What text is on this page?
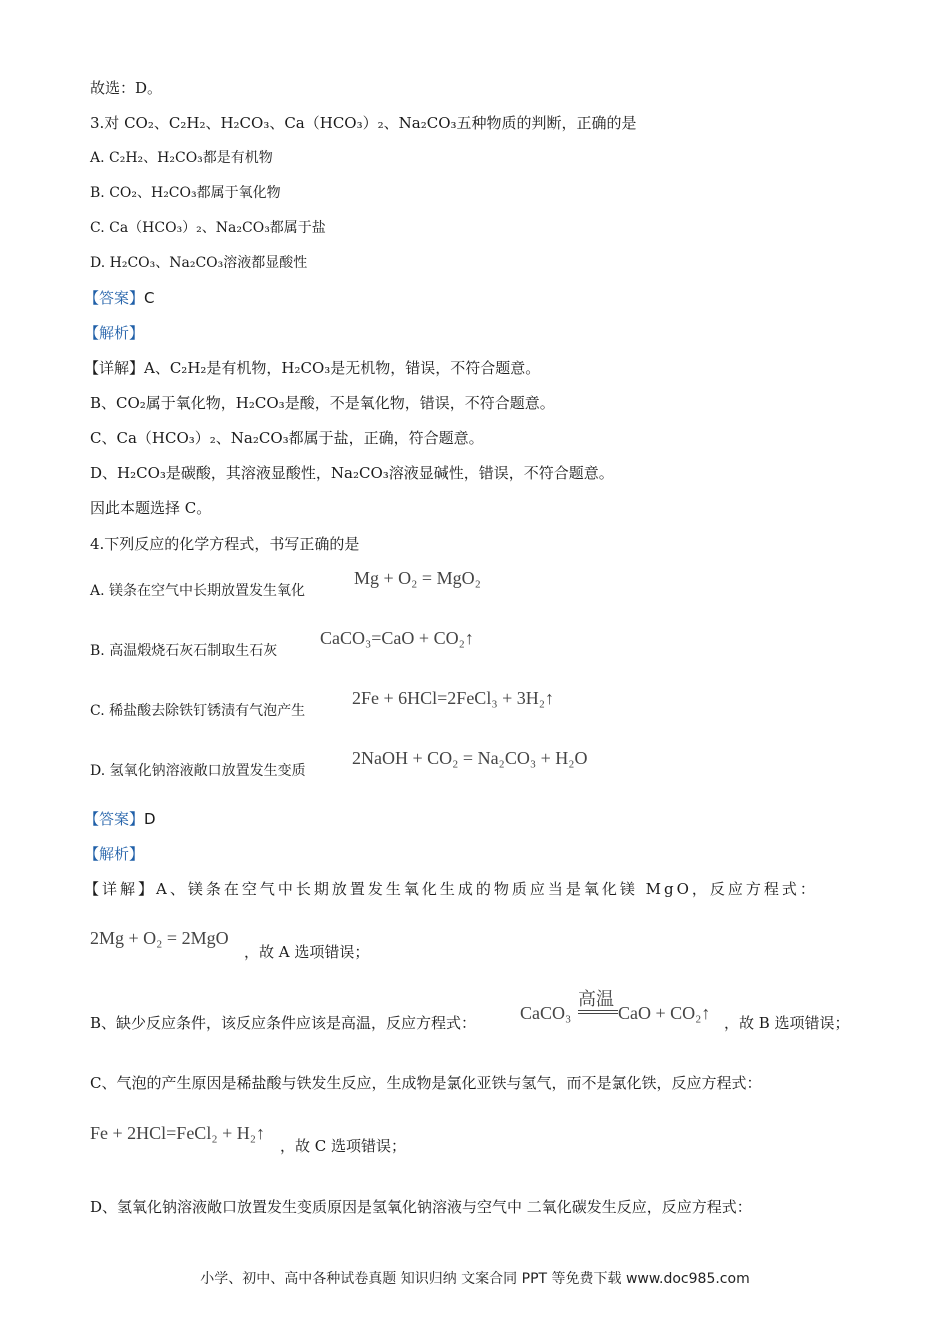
故选：D。
3.对 CO₂、C₂H₂、H₂CO₃、Ca（HCO₃）₂、Na₂CO₃五种物质的判断，正确的是
A. C₂H₂、H₂CO₃都是有机物
B. CO₂、H₂CO₃都属于氧化物
C. Ca（HCO₃）₂、Na₂CO₃都属于盐
D. H₂CO₃、Na₂CO₃溶液都显酸性
【答案】C
【解析】
【详解】A、C₂H₂是有机物，H₂CO₃是无机物，错误，不符合题意。
B、CO₂属于氧化物，H₂CO₃是酸，不是氧化物，错误，不符合题意。
C、Ca（HCO₃）₂、Na₂CO₃都属于盐，正确，符合题意。
D、H₂CO₃是碳酸，其溶液显酸性，Na₂CO₃溶液显碱性，错误，不符合题意。
因此本题选择 C。
4.下列反应的化学方程式，书写正确的是
A. 镁条在空气中长期放置发生氧化
Mg + O₂ = MgO₂
B. 高温煅烧石灰石制取生石灰
CaCO₃=CaO + CO₂↑
C. 稀盐酸去除铁钉锈渍有气泡产生
2Fe + 6HCl=2FeCl₃ + 3H₂↑
D. 氢氧化钠溶液敞口放置发生变质
2NaOH + CO₂ = Na₂CO₃ + H₂O
【答案】D
【解析】
【详解】A、镁条在空气中长期放置发生氧化生成的物质应当是氧化镁 MgO，反应方程式：
2Mg + O₂ = 2MgO
，故 A 选项错误；
B、缺少反应条件，该反应条件应该是高温，反应方程式： CaCO₃
高温
CaO + CO₂↑ ，故 B 选项错误；
C、气泡的产生原因是稀盐酸与铁发生反应，生成物是氯化亚铁与氢气，而不是氯化铁，反应方程式：
Fe + 2HCl=FeCl₂ + H₂↑
，故 C 选项错误；
D、氢氧化钠溶液敞口放置发生变质原因是氢氧化钠溶液与空气中 二氧化碳发生反应，反应方程式：
小学、初中、高中各种试卷真题 知识归纳 文案合同 PPT 等免费下载 www.doc985.com
